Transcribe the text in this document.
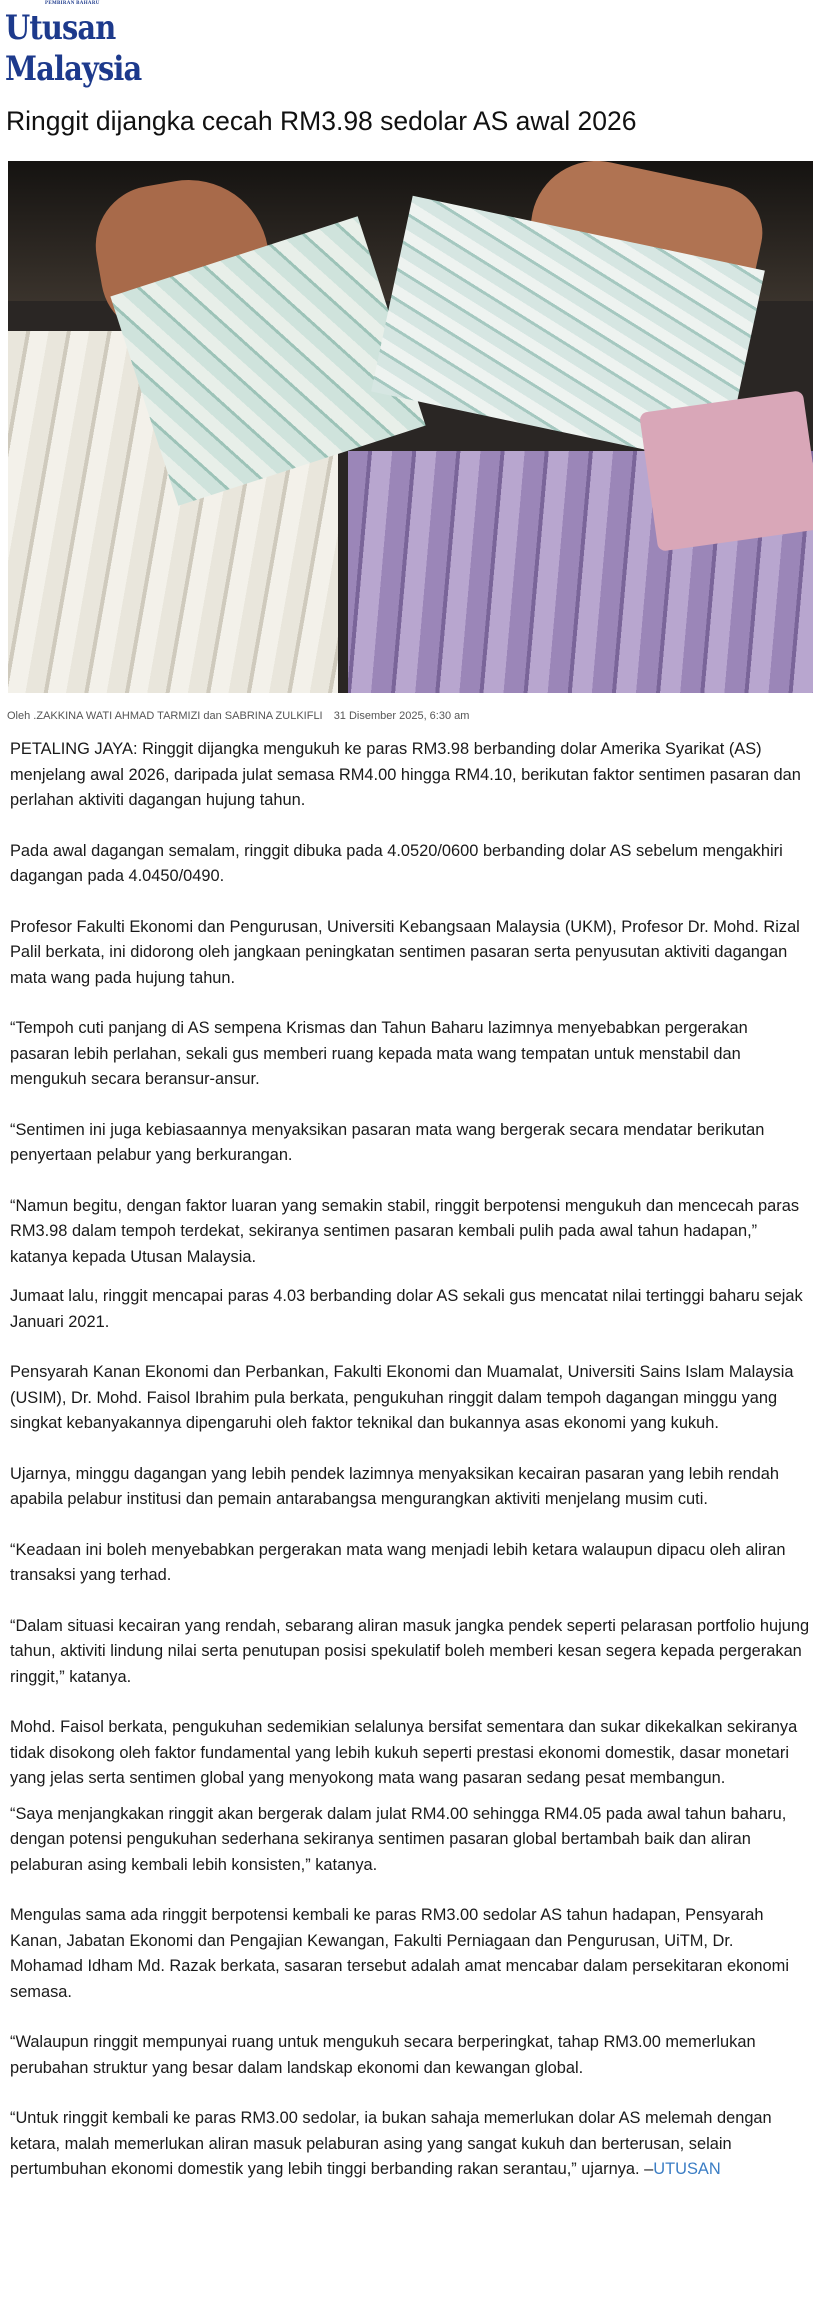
PEMBIRAN BAHARU
Utusan
Malaysia
Ringgit dijangka cecah RM3.98 sedolar AS awal 2026
Oleh .ZAKKINA WATI AHMAD TARMIZI dan SABRINA ZULKIFLI 31 Disember 2025, 6:30 am

PETALING JAYA: Ringgit dijangka mengukuh ke paras RM3.98 berbanding dolar Amerika Syarikat (AS) menjelang awal 2026, daripada julat semasa RM4.00 hingga RM4.10, berikutan faktor sentimen pasaran dan perlahan aktiviti dagangan hujung tahun.

Pada awal dagangan semalam, ringgit dibuka pada 4.0520/0600 berbanding dolar AS sebelum mengakhiri dagangan pada 4.0450/0490.

Profesor Fakulti Ekonomi dan Pengurusan, Universiti Kebangsaan Malaysia (UKM), Profesor Dr. Mohd. Rizal Palil berkata, ini didorong oleh jangkaan peningkatan sentimen pasaran serta penyusutan aktiviti dagangan mata wang pada hujung tahun.

“Tempoh cuti panjang di AS sempena Krismas dan Tahun Baharu lazimnya menyebabkan pergerakan pasaran lebih perlahan, sekali gus memberi ruang kepada mata wang tempatan untuk menstabil dan mengukuh secara beransur-ansur.

“Sentimen ini juga kebiasaannya menyaksikan pasaran mata wang bergerak secara mendatar berikutan penyertaan pelabur yang berkurangan.

“Namun begitu, dengan faktor luaran yang semakin stabil, ringgit berpotensi mengukuh dan mencecah paras RM3.98 dalam tempoh terdekat, sekiranya sentimen pasaran kembali pulih pada awal tahun hadapan,” katanya kepada Utusan Malaysia.

Jumaat lalu, ringgit mencapai paras 4.03 berbanding dolar AS sekali gus mencatat nilai tertinggi baharu sejak Januari 2021.

Pensyarah Kanan Ekonomi dan Perbankan, Fakulti Ekonomi dan Muamalat, Universiti Sains Islam Malaysia (USIM), Dr. Mohd. Faisol Ibrahim pula berkata, pengukuhan ringgit dalam tempoh dagangan minggu yang singkat kebanyakannya dipengaruhi oleh faktor teknikal dan bukannya asas ekonomi yang kukuh.

Ujarnya, minggu dagangan yang lebih pendek lazimnya menyaksikan kecairan pasaran yang lebih rendah apabila pelabur institusi dan pemain antarabangsa mengurangkan aktiviti menjelang musim cuti.

“Keadaan ini boleh menyebabkan pergerakan mata wang menjadi lebih ketara walaupun dipacu oleh aliran transaksi yang terhad.

“Dalam situasi kecairan yang rendah, sebarang aliran masuk jangka pendek seperti pelarasan portfolio hujung tahun, aktiviti lindung nilai serta penutupan posisi spekulatif boleh memberi kesan segera kepada pergerakan ringgit,” katanya.

Mohd. Faisol berkata, pengukuhan sedemikian selalunya bersifat sementara dan sukar dikekalkan sekiranya tidak disokong oleh faktor fundamental yang lebih kukuh seperti prestasi ekonomi domestik, dasar monetari yang jelas serta sentimen global yang menyokong mata wang pasaran sedang pesat membangun.

“Saya menjangkakan ringgit akan bergerak dalam julat RM4.00 sehingga RM4.05 pada awal tahun baharu, dengan potensi pengukuhan sederhana sekiranya sentimen pasaran global bertambah baik dan aliran pelaburan asing kembali lebih konsisten,” katanya.

Mengulas sama ada ringgit berpotensi kembali ke paras RM3.00 sedolar AS tahun hadapan, Pensyarah Kanan, Jabatan Ekonomi dan Pengajian Kewangan, Fakulti Perniagaan dan Pengurusan, UiTM, Dr. Mohamad Idham Md. Razak berkata, sasaran tersebut adalah amat mencabar dalam persekitaran ekonomi semasa.

“Walaupun ringgit mempunyai ruang untuk mengukuh secara berperingkat, tahap RM3.00 memerlukan perubahan struktur yang besar dalam landskap ekonomi dan kewangan global.

“Untuk ringgit kembali ke paras RM3.00 sedolar, ia bukan sahaja memerlukan dolar AS melemah dengan ketara, malah memerlukan aliran masuk pelaburan asing yang sangat kukuh dan berterusan, selain pertumbuhan ekonomi domestik yang lebih tinggi berbanding rakan serantau,” ujarnya. –UTUSAN
